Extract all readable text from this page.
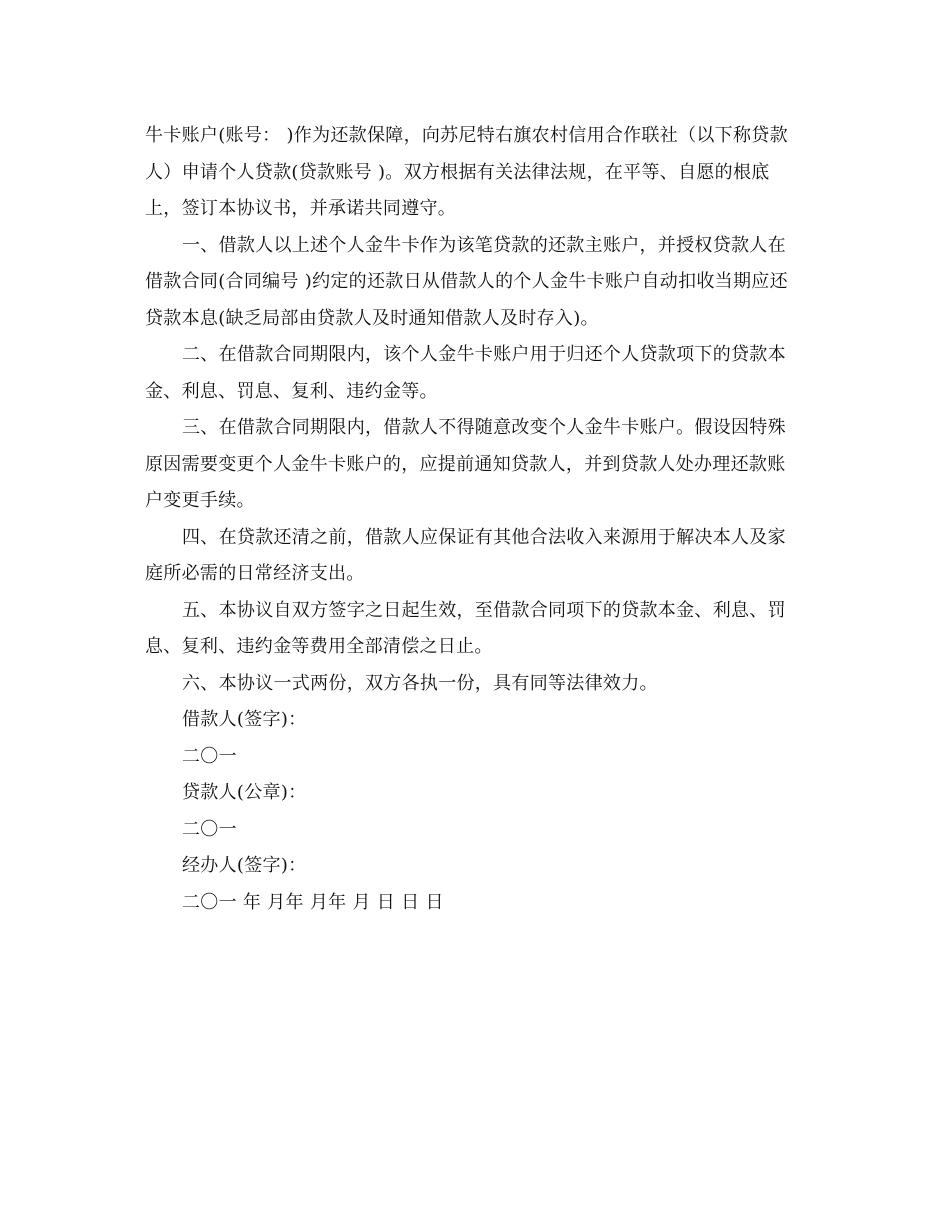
牛卡账户(账号： )作为还款保障，向苏尼特右旗农村信用合作联社（以下称贷款
人）申请个人贷款(贷款账号 )。双方根据有关法律法规，在平等、自愿的根底
上，签订本协议书，并承诺共同遵守。
一、借款人以上述个人金牛卡作为该笔贷款的还款主账户，并授权贷款人在
借款合同(合同编号 )约定的还款日从借款人的个人金牛卡账户自动扣收当期应还
贷款本息(缺乏局部由贷款人及时通知借款人及时存入)。
二、在借款合同期限内，该个人金牛卡账户用于归还个人贷款项下的贷款本
金、利息、罚息、复利、违约金等。
三、在借款合同期限内，借款人不得随意改变个人金牛卡账户。假设因特殊
原因需要变更个人金牛卡账户的，应提前通知贷款人，并到贷款人处办理还款账
户变更手续。
四、在贷款还清之前，借款人应保证有其他合法收入来源用于解决本人及家
庭所必需的日常经济支出。
五、本协议自双方签字之日起生效，至借款合同项下的贷款本金、利息、罚
息、复利、违约金等费用全部清偿之日止。
六、本协议一式两份，双方各执一份，具有同等法律效力。
借款人(签字)：
二〇一
贷款人(公章)：
二〇一
经办人(签字)：
二〇一 年 月年 月年 月 日 日 日
